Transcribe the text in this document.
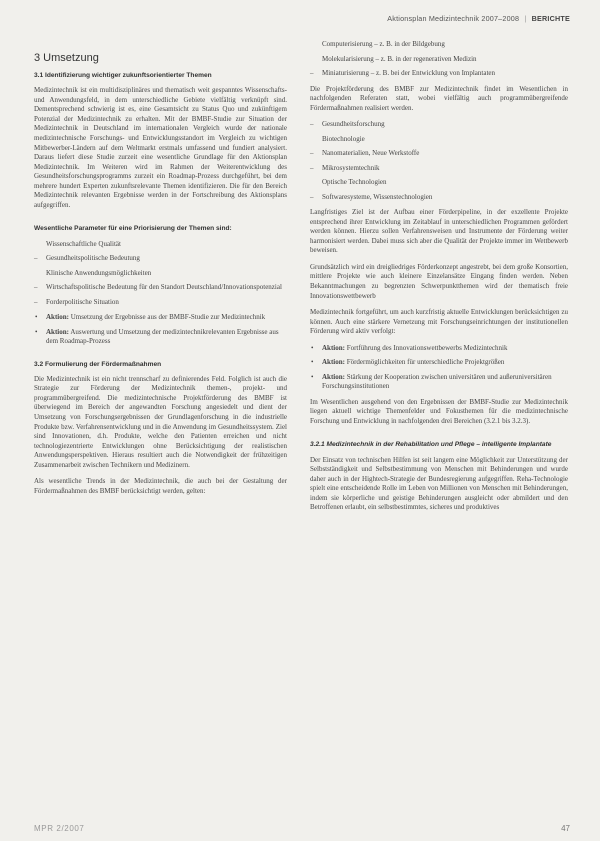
Aktionsplan Medizintechnik 2007–2008 | BERICHTE
3 Umsetzung
3.1 Identifizierung wichtiger zukunftsorientierter Themen

Medizintechnik ist ein multidisziplinäres und thematisch weit gespanntes Wissenschafts- und Anwendungsfeld, in dem unterschiedliche Gebiete vielfältig verknüpft sind. Dementsprechend schwierig ist es, eine Gesamtsicht zu Status Quo und zukünftigem Potenzial der Medizintechnik zu erhalten. Mit der BMBF-Studie zur Situation der Medizintechnik in Deutschland im internationalen Vergleich wurde der nationale medizintechnische Forschungs- und Entwicklungsstandort im Vergleich zu wichtigen Mitbewerber-Ländern auf dem Weltmarkt erstmals umfassend und fundiert analysiert. Daraus liefert diese Studie zurzeit eine wesentliche Grundlage für den Aktionsplan Medizintechnik. Im Weiteren wird im Rahmen der Weiterentwicklung des Gesundheitsforschungsprogramms zurzeit ein Roadmap-Prozess durchgeführt, bei dem mehrere hundert Experten zukunftsrelevante Themen identifizieren. Die für den Bereich Medizintechnik relevanten Ergebnisse werden in der Fortschreibung des Aktionsplans aufgegriffen.

Wesentliche Parameter für eine Priorisierung der Themen sind:
Wissenschaftliche Qualität
– Gesundheitspolitische Bedeutung
Klinische Anwendungsmöglichkeiten
– Wirtschaftspolitische Bedeutung für den Standort Deutschland/Innovationspotenzial
– Forderpolitische Situation
• Aktion: Umsetzung der Ergebnisse aus der BMBF-Studie zur Medizintechnik
• Aktion: Auswertung und Umsetzung der medizintechnikrelevanten Ergebnisse aus dem Roadmap-Prozess
3.2 Formulierung der Fördermaßnahmen

Die Medizintechnik ist ein nicht trennscharf zu definierendes Feld. Folglich ist auch die Strategie zur Förderung der Medizintechnik themen-, projekt- und programmübergreifend. Die medizintechnische Projektförderung des BMBF ist überwiegend im Bereich der angewandten Forschung angesiedelt und dient der Umsetzung von Forschungsergebnissen der Grundlagenforschung in die industrielle Produkte bzw. Verfahrensentwicklung und in die Anwendung im Gesundheitssystem. Ziel sind Innovationen, d.h. Produkte, welche den Patienten erreichen und nicht technologiezentrierte Entwicklungen ohne Berücksichtigung der realistischen Anwendungsperspektiven. Hieraus resultiert auch die Notwendigkeit der frühzeitigen Zusammenarbeit zwischen Technikern und Medizinern.

Als wesentliche Trends in der Medizintechnik, die auch bei der Gestaltung der Fördermaßnahmen des BMBF berücksichtigt werden, gelten:

Computerisierung – z. B. in der Bildgebung
Molekularisierung – z. B. in der regenerativen Medizin
– Miniaturisierung – z. B. bei der Entwicklung von Implantaten

Die Projektförderung des BMBF zur Medizintechnik findet im Wesentlichen in nachfolgenden Referaten statt, wobei vielfältig auch programmübergreifende Fördermaßnahmen realisiert werden.

– Gesundheitsforschung
Biotechnologie
– Nanomaterialien, Neue Werkstoffe
– Mikrosystemtechnik
Optische Technologien
– Softwaresysteme, Wissenstechnologien

Langfristiges Ziel ist der Aufbau einer Förderpipeline, in der exzellente Projekte entsprechend ihrer Entwicklung im Zeitablauf in unterschiedlichen Programmen gefördert werden können. Hierzu sollen Verfahrensweisen und Instrumente der Förderung weiter harmonisiert werden. Dabei muss sich aber die Qualität der Projekte immer im Wettbewerb beweisen.

Grundsätzlich wird ein dreigliedriges Förderkonzept angestrebt, bei dem große Konsortien, mittlere Projekte wie auch kleinere Einzelansätze Eingang finden werden. Neben Bekanntmachungen zu begrenzten Schwerpunktthemen wird der thematisch freie Innovationswettbewerb

Medizintechnik fortgeführt, um auch kurzfristig aktuelle Entwicklungen berücksichtigen zu können. Auch eine stärkere Vernetzung mit Forschungseinrichtungen der institutionellen Förderung wird aktiv verfolgt:

• Aktion: Fortführung des Innovationswettbewerbs Medizintechnik
• Aktion: Fördermöglichkeiten für unterschiedliche Projektgrößen
• Aktion: Stärkung der Kooperation zwischen universitären und außeruniversitären Forschungsinstitutionen

Im Wesentlichen ausgehend von den Ergebnissen der BMBF-Studie zur Medizintechnik liegen aktuell wichtige Themenfelder und Fokusthemen für die medizintechnische Forschung und Entwicklung in nachfolgenden drei Bereichen (3.2.1 bis 3.2.3).

3.2.1 Medizintechnik in der Rehabilitation und Pflege – intelligente Implantate

Der Einsatz von technischen Hilfen ist seit langem eine Möglichkeit zur Unterstützung der Selbstständigkeit und Selbstbestimmung von Menschen mit Behinderungen und wurde daher auch in der Hightech-Strategie der Bundesregierung aufgegriffen. Reha-Technologie spielt eine entscheidende Rolle im Leben von Millionen von Menschen mit Behinderungen, indem sie körperliche und geistige Behinderungen ausgleicht oder abmildert und den Betroffenen erlaubt, ein selbstbestimmtes, sicheres und produktives

MPR 2/2007	47
